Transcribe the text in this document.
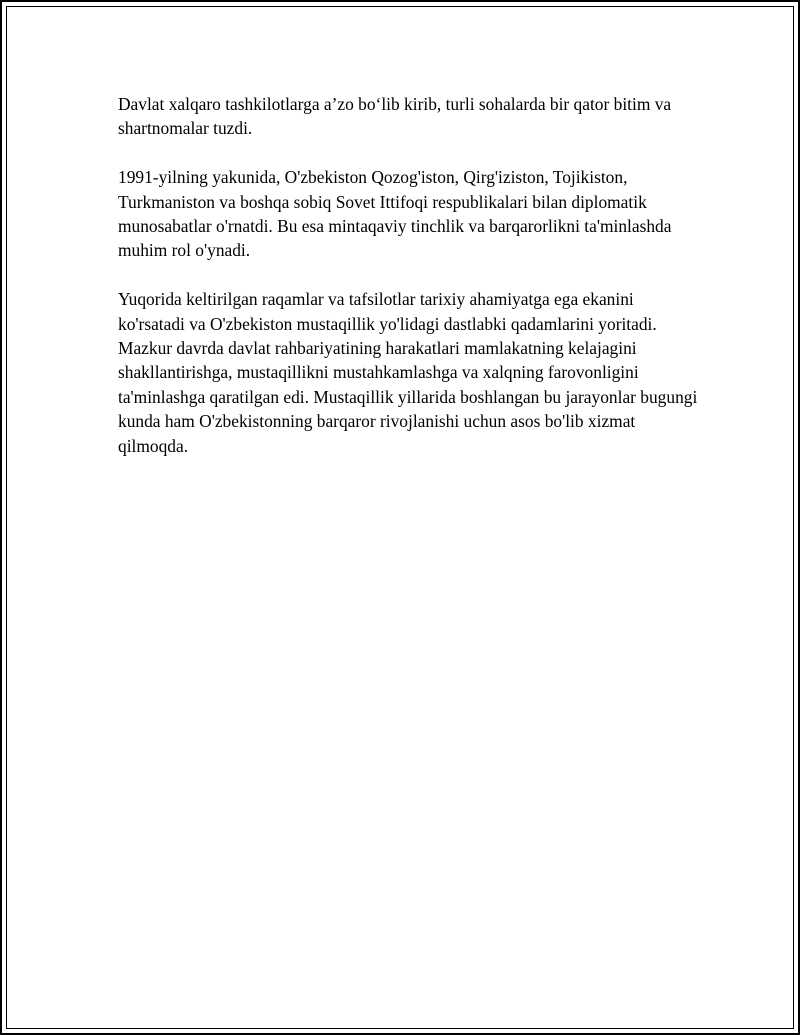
Davlat xalqaro tashkilotlarga a’zo bo‘lib kirib, turli sohalarda bir qator bitim va shartnomalar tuzdi.

1991-yilning yakunida, O'zbekiston Qozog'iston, Qirg'iziston, Tojikiston, Turkmaniston va boshqa sobiq Sovet Ittifoqi respublikalari bilan diplomatik munosabatlar o'rnatdi. Bu esa mintaqaviy tinchlik va barqarorlikni ta'minlashda muhim rol o'ynadi.

Yuqorida keltirilgan raqamlar va tafsilotlar tarixiy ahamiyatga ega ekanini ko'rsatadi va O'zbekiston mustaqillik yo'lidagi dastlabki qadamlarini yoritadi. Mazkur davrda davlat rahbariyatining harakatlari mamlakatning kelajagini shakllantirishga, mustaqillikni mustahkamlashga va xalqning farovonligini ta'minlashga qaratilgan edi. Mustaqillik yillarida boshlangan bu jarayonlar bugungi kunda ham O'zbekistonning barqaror rivojlanishi uchun asos bo'lib xizmat qilmoqda.
